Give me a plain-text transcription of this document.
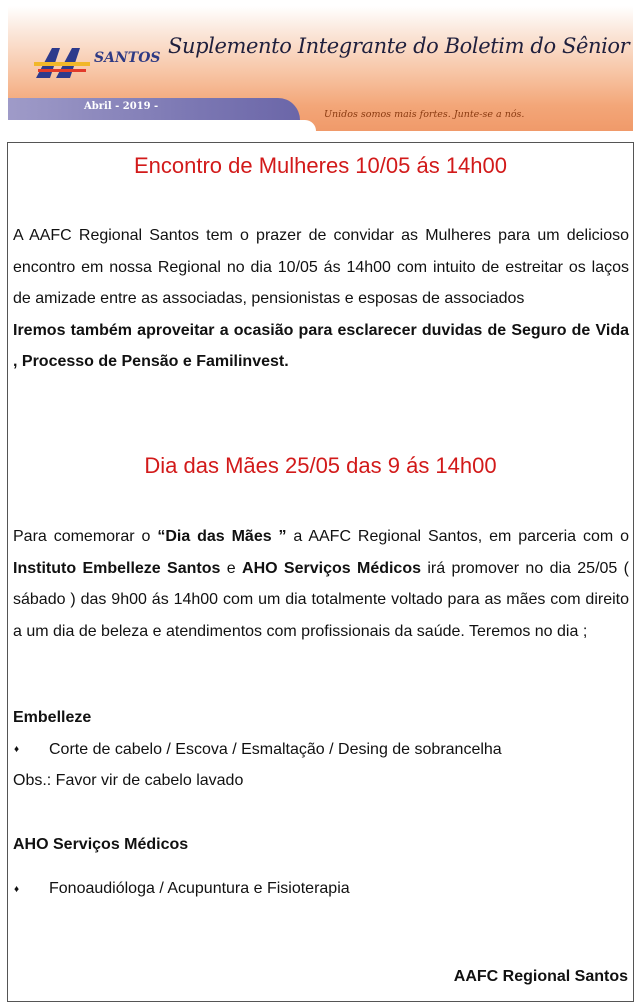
SANTOS Suplemento Integrante do Boletim do Sênior
Abril - 2019 -
Unidos somos mais fortes. Junte-se a nós.
Encontro de Mulheres 10/05 ás 14h00

A AAFC Regional Santos tem o prazer de convidar as Mulheres para um delicioso encontro em nossa Regional no dia 10/05 ás 14h00 com intuito de estreitar os laços de amizade entre as associadas, pensionistas e esposas de associados

Iremos também aproveitar a ocasião para esclarecer duvidas de Seguro de Vida , Processo de Pensão e Familinvest.

Dia das Mães 25/05 das 9 ás 14h00

Para comemorar o “Dia das Mães ” a AAFC Regional Santos, em parceria com o Instituto Embelleze Santos e AHO Serviços Médicos irá promover no dia 25/05 ( sábado ) das 9h00 ás 14h00 com um dia totalmente voltado para as mães com direito a um dia de beleza e atendimentos com profissionais da saúde. Teremos no dia ;

Embelleze
♦ Corte de cabelo / Escova / Esmaltação / Desing de sobrancelha
Obs.: Favor vir de cabelo lavado
AHO Serviços Médicos
♦ Fonoaudióloga / Acupuntura e Fisioterapia
AAFC Regional Santos
